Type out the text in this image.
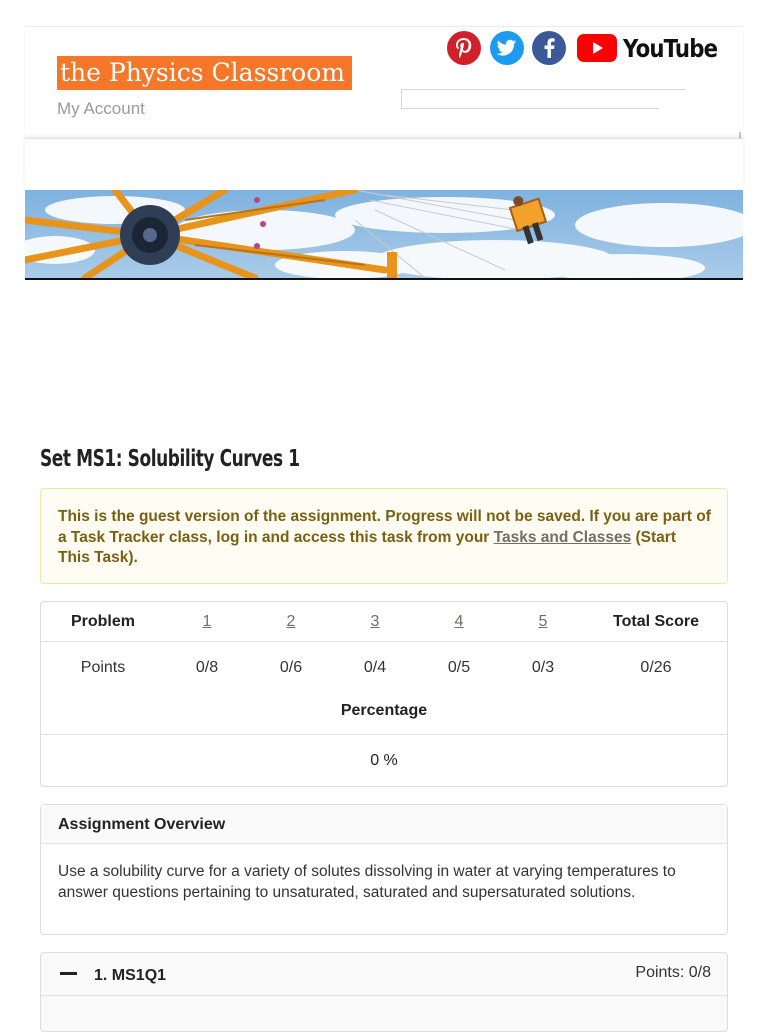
the Physics Classroom
My Account
YouTube
Set MS1: Solubility Curves 1
This is the guest version of the assignment. Progress will not be saved. If you are part of a Task Tracker class, log in and access this task from your Tasks and Classes (Start This Task).
Problem	1	2	3	4	5	Total Score
Points	0/8	0/6	0/4	0/5	0/3	0/26
Percentage
0 %
Assignment Overview
Use a solubility curve for a variety of solutes dissolving in water at varying temperatures to answer questions pertaining to unsaturated, saturated and supersaturated solutions.
1. MS1Q1	Points: 0/8
